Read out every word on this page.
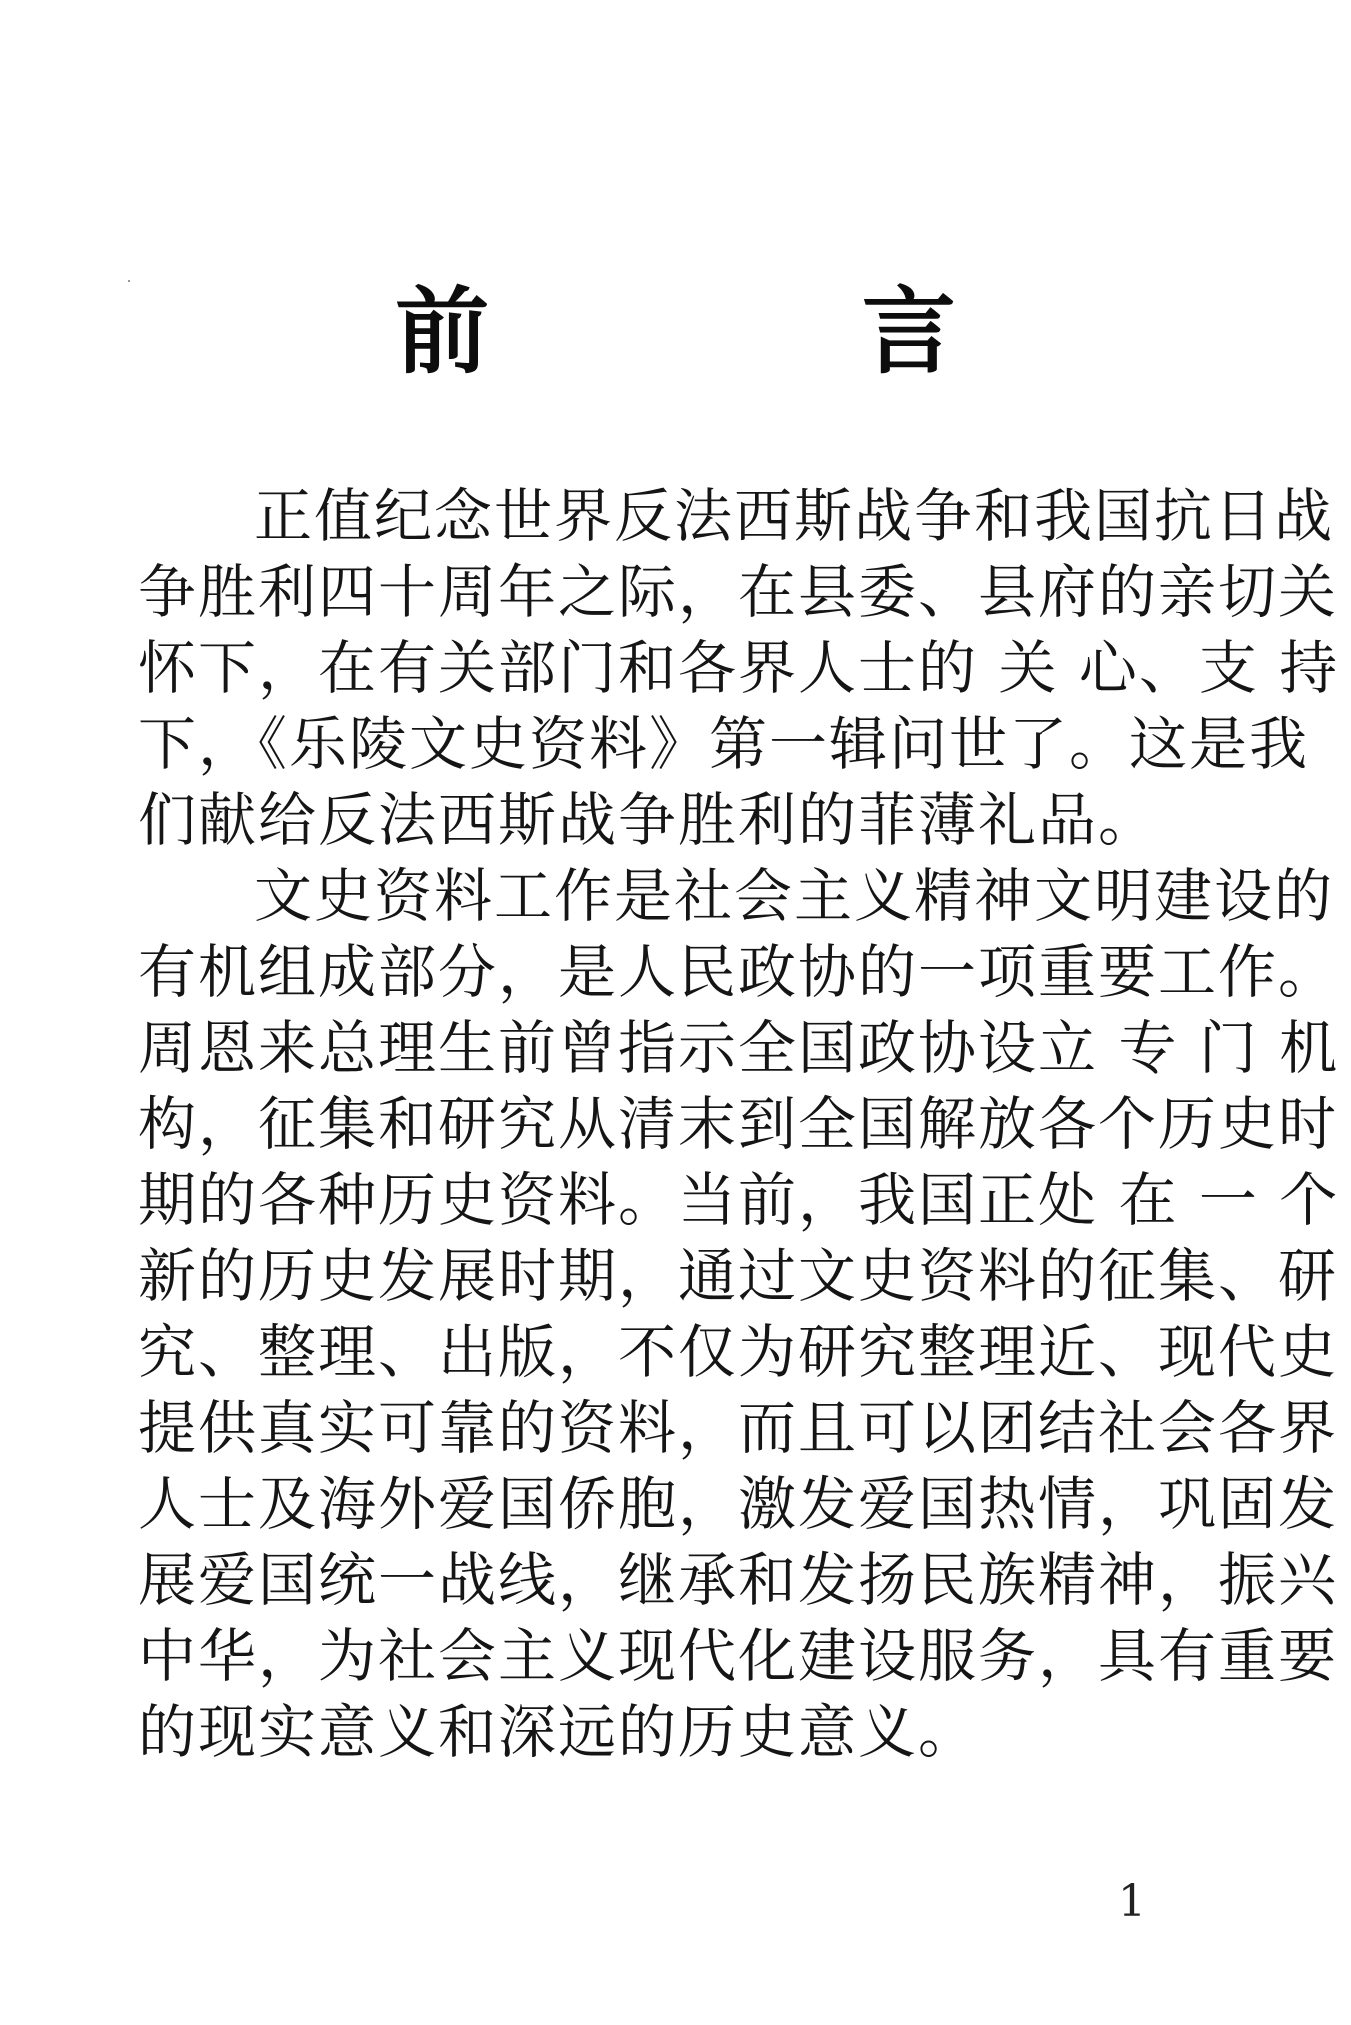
前 言
正值纪念世界反法西斯战争和我国抗日战
争胜利四十周年之际，在县委、县府的亲切关
怀下，在有关部门和各界人士的 关 心、支 持
下，《乐陵文史资料》第一辑问世了。这是我
们献给反法西斯战争胜利的菲薄礼品。
文史资料工作是社会主义精神文明建设的
有机组成部分，是人民政协的一项重要工作。
周恩来总理生前曾指示全国政协设立 专 门 机
构，征集和研究从清末到全国解放各个历史时
期的各种历史资料。当前，我国正处 在 一 个
新的历史发展时期，通过文史资料的征集、研
究、整理、出版，不仅为研究整理近、现代史
提供真实可靠的资料，而且可以团结社会各界
人士及海外爱国侨胞，激发爱国热情，巩固发
展爱国统一战线，继承和发扬民族精神，振兴
中华，为社会主义现代化建设服务，具有重要
的现实意义和深远的历史意义。
1
